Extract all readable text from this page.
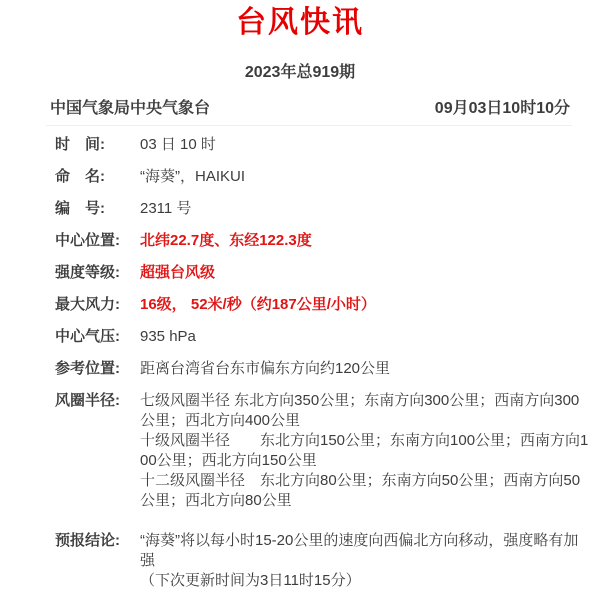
台风快讯
2023年总919期
中国气象局中央气象台	09月03日10时10分
时　间:	03 日 10 时
命　名:	“海葵”，HAIKUI
编　号:	2311 号
中心位置:	北纬22.7度、东经122.3度
强度等级:	超强台风级
最大风力:	16级， 52米/秒（约187公里/小时）
中心气压:	935 hPa
参考位置:	距离台湾省台东市偏东方向约120公里
风圈半径:	七级风圈半径 东北方向350公里；东南方向300公里；西南方向300公里；西北方向400公里
十级风圈半径　　东北方向150公里；东南方向100公里；西南方向100公里；西北方向150公里
十二级风圈半径　东北方向80公里；东南方向50公里；西南方向50公里；西北方向80公里
预报结论:	“海葵”将以每小时15-20公里的速度向西偏北方向移动，强度略有加强
（下次更新时间为3日11时15分）
